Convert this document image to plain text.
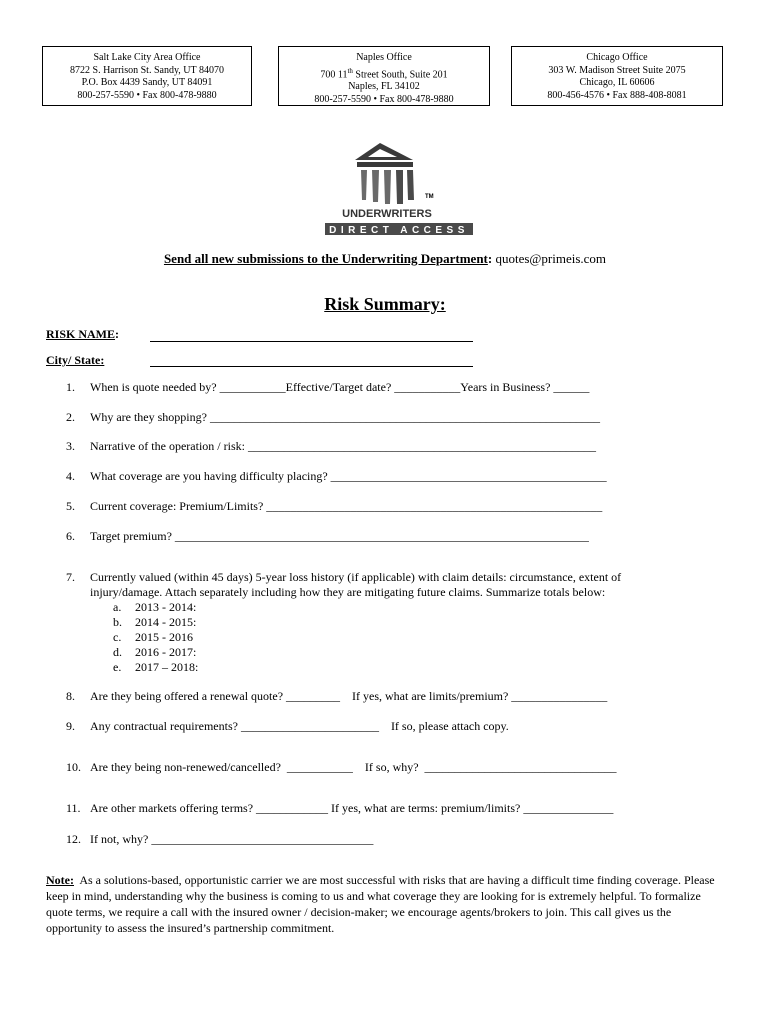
Salt Lake City Area Office
8722 S. Harrison St. Sandy, UT 84070
P.O. Box 4439 Sandy, UT 84091
800-257-5590 • Fax 800-478-9880
Naples Office
700 11th Street South, Suite 201
Naples, FL 34102
800-257-5590 • Fax 800-478-9880
Chicago Office
303 W. Madison Street Suite 2075
Chicago, IL 60606
800-456-4576 • Fax 888-408-8081
TM
UNDERWRITERS
DIRECT ACCESS
Send all new submissions to the Underwriting Department: quotes@primeis.com
Risk Summary:
RISK NAME:
City/ State:
1. When is quote needed by? ___________Effective/Target date? ___________Years in Business? ______
2. Why are they shopping? _________________________________________________________________
3. Narrative of the operation / risk: __________________________________________________________
4. What coverage are you having difficulty placing? ______________________________________________
5. Current coverage: Premium/Limits? ________________________________________________________
6. Target premium? _____________________________________________________________________
7. Currently valued (within 45 days) 5-year loss history (if applicable) with claim details: circumstance, extent of
injury/damage. Attach separately including how they are mitigating future claims. Summarize totals below:
a. 2013 - 2014:
b. 2014 - 2015:
c. 2015 - 2016
d. 2016 - 2017:
e. 2017 – 2018:
8. Are they being offered a renewal quote? _________    If yes, what are limits/premium? ________________
9. Any contractual requirements? _______________________    If so, please attach copy.
10. Are they being non-renewed/cancelled?  ___________    If so, why?  ________________________________
11. Are other markets offering terms? ____________ If yes, what are terms: premium/limits? _______________
12. If not, why? _____________________________________
Note: As a solutions-based, opportunistic carrier we are most successful with risks that are having a difficult time finding coverage. Please keep in mind, understanding why the business is coming to us and what coverage they are looking for is extremely helpful. To formalize quote terms, we require a call with the insured owner / decision-maker; we encourage agents/brokers to join. This call gives us the opportunity to assess the insured’s partnership commitment.
